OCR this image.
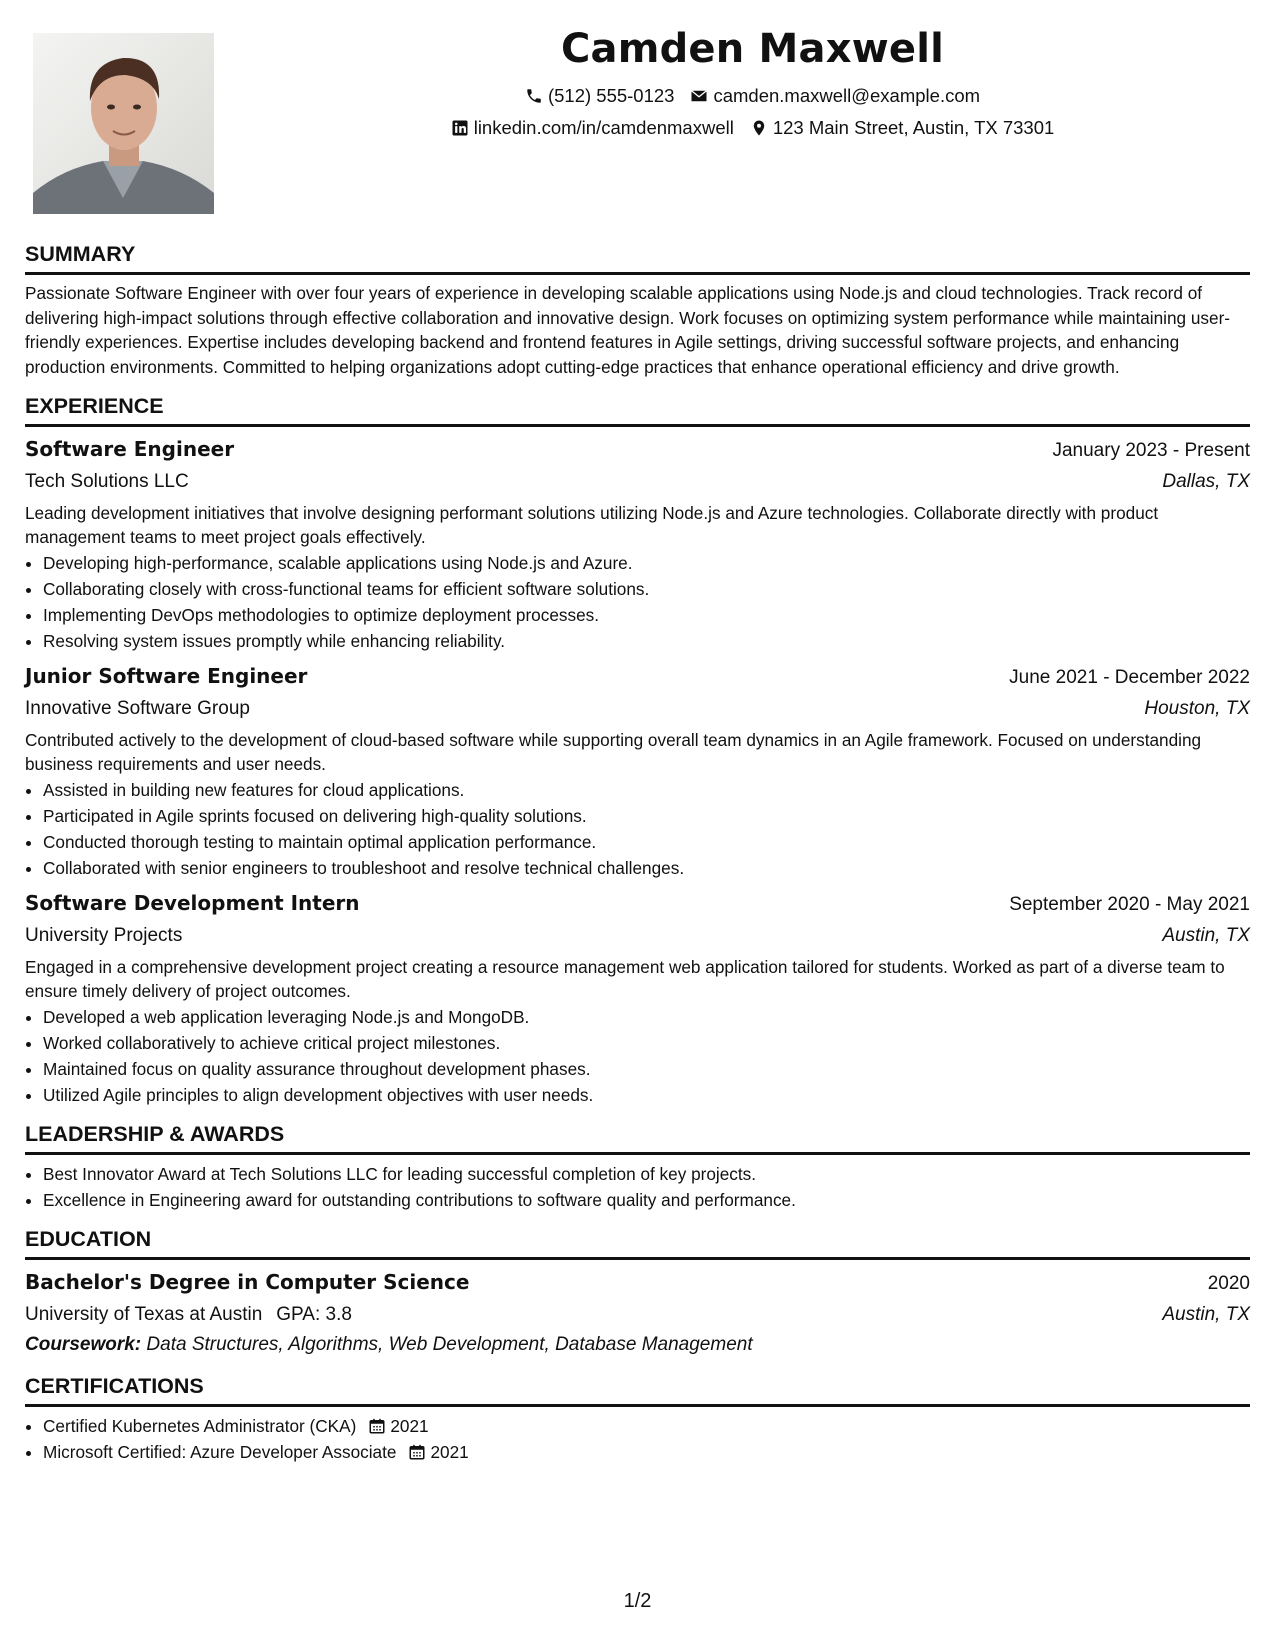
Camden Maxwell
(512) 555-0123 camden.maxwell@example.com
linkedin.com/in/camdenmaxwell 123 Main Street, Austin, TX 73301
SUMMARY

Passionate Software Engineer with over four years of experience in developing scalable applications using Node.js and cloud technologies. Track record of delivering high-impact solutions through effective collaboration and innovative design. Work focuses on optimizing system performance while maintaining user-friendly experiences. Expertise includes developing backend and frontend features in Agile settings, driving successful software projects, and enhancing production environments. Committed to helping organizations adopt cutting-edge practices that enhance operational efficiency and drive growth.

EXPERIENCE
Software Engineer	January 2023 - Present
Tech Solutions LLC	Dallas, TX

Leading development initiatives that involve designing performant solutions utilizing Node.js and Azure technologies. Collaborate directly with product management teams to meet project goals effectively.

• Developing high-performance, scalable applications using Node.js and Azure.
• Collaborating closely with cross-functional teams for efficient software solutions.
• Implementing DevOps methodologies to optimize deployment processes.
• Resolving system issues promptly while enhancing reliability.
Junior Software Engineer	June 2021 - December 2022
Innovative Software Group	Houston, TX

Contributed actively to the development of cloud-based software while supporting overall team dynamics in an Agile framework. Focused on understanding business requirements and user needs.

• Assisted in building new features for cloud applications.
• Participated in Agile sprints focused on delivering high-quality solutions.
• Conducted thorough testing to maintain optimal application performance.
• Collaborated with senior engineers to troubleshoot and resolve technical challenges.
Software Development Intern	September 2020 - May 2021
University Projects	Austin, TX

Engaged in a comprehensive development project creating a resource management web application tailored for students. Worked as part of a diverse team to ensure timely delivery of project outcomes.

• Developed a web application leveraging Node.js and MongoDB.
• Worked collaboratively to achieve critical project milestones.
• Maintained focus on quality assurance throughout development phases.
• Utilized Agile principles to align development objectives with user needs.
LEADERSHIP & AWARDS
• Best Innovator Award at Tech Solutions LLC for leading successful completion of key projects.
• Excellence in Engineering award for outstanding contributions to software quality and performance.
EDUCATION
Bachelor's Degree in Computer Science	2020
University of Texas at Austin GPA: 3.8	Austin, TX
Coursework: Data Structures, Algorithms, Web Development, Database Management
CERTIFICATIONS
• Certified Kubernetes Administrator (CKA) 2021
• Microsoft Certified: Azure Developer Associate 2021
1/2
